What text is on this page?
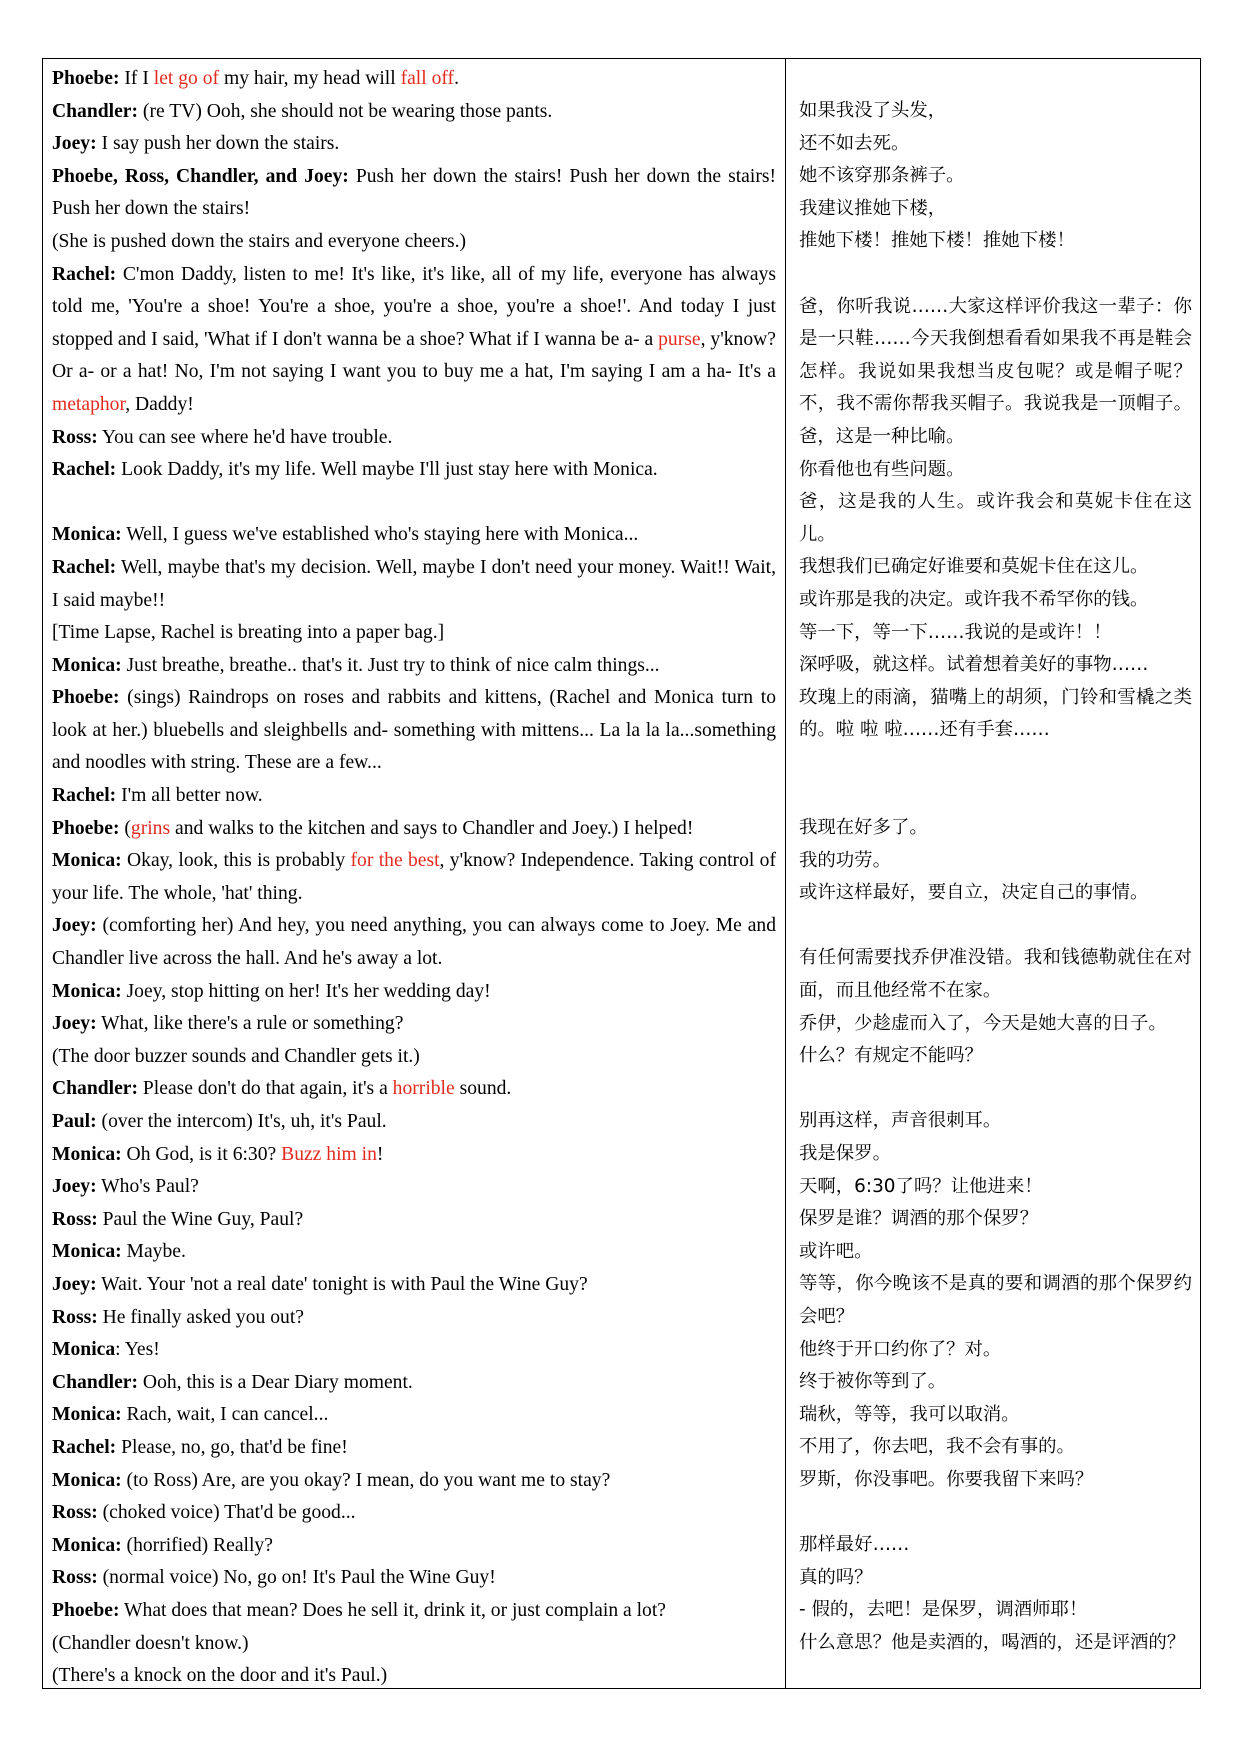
Phoebe: If I let go of my hair, my head will fall off.
Chandler: (re TV) Ooh, she should not be wearing those pants.
Joey: I say push her down the stairs.
Phoebe, Ross, Chandler, and Joey: Push her down the stairs! Push her down the stairs! Push her down the stairs!
(She is pushed down the stairs and everyone cheers.)
Rachel: C'mon Daddy, listen to me! It's like, it's like, all of my life, everyone has always told me, 'You're a shoe! You're a shoe, you're a shoe, you're a shoe!'. And today I just stopped and I said, 'What if I don't wanna be a shoe? What if I wanna be a- a purse, y'know? Or a- or a hat! No, I'm not saying I want you to buy me a hat, I'm saying I am a ha- It's a metaphor, Daddy!
Ross: You can see where he'd have trouble.
Rachel: Look Daddy, it's my life. Well maybe I'll just stay here with Monica.
Monica: Well, I guess we've established who's staying here with Monica...
Rachel: Well, maybe that's my decision. Well, maybe I don't need your money. Wait!! Wait, I said maybe!!
[Time Lapse, Rachel is breating into a paper bag.]
Monica: Just breathe, breathe.. that's it. Just try to think of nice calm things...
Phoebe: (sings) Raindrops on roses and rabbits and kittens, (Rachel and Monica turn to look at her.) bluebells and sleighbells and- something with mittens... La la la la...something and noodles with string. These are a few...
Rachel: I'm all better now.
Phoebe: (grins and walks to the kitchen and says to Chandler and Joey.) I helped!
Monica: Okay, look, this is probably for the best, y'know? Independence. Taking control of your life. The whole, 'hat' thing.
Joey: (comforting her) And hey, you need anything, you can always come to Joey. Me and Chandler live across the hall. And he's away a lot.
Monica: Joey, stop hitting on her! It's her wedding day!
Joey: What, like there's a rule or something?
(The door buzzer sounds and Chandler gets it.)
Chandler: Please don't do that again, it's a horrible sound.
Paul: (over the intercom) It's, uh, it's Paul.
Monica: Oh God, is it 6:30? Buzz him in!
Joey: Who's Paul?
Ross: Paul the Wine Guy, Paul?
Monica: Maybe.
Joey: Wait. Your 'not a real date' tonight is with Paul the Wine Guy?
Ross: He finally asked you out?
Monica: Yes!
Chandler: Ooh, this is a Dear Diary moment.
Monica: Rach, wait, I can cancel...
Rachel: Please, no, go, that'd be fine!
Monica: (to Ross) Are, are you okay? I mean, do you want me to stay?
Ross: (choked voice) That'd be good...
Monica: (horrified) Really?
Ross: (normal voice) No, go on! It's Paul the Wine Guy!
Phoebe: What does that mean? Does he sell it, drink it, or just complain a lot?
(Chandler doesn't know.)
(There's a knock on the door and it's Paul.)
如果我没了头发，
还不如去死。
她不该穿那条裤子。
我建议推她下楼，
推她下楼！推她下楼！推她下楼！
爸，你听我说……大家这样评价我这一辈子：你是一只鞋……今天我倒想看看如果我不再是鞋会怎样。我说如果我想当皮包呢？或是帽子呢？不，我不需你帮我买帽子。我说我是一顶帽子。爸，这是一种比喻。
你看他也有些问题。
爸，这是我的人生。或许我会和莫妮卡住在这儿。
我想我们已确定好谁要和莫妮卡住在这儿。
或许那是我的决定。或许我不希罕你的钱。
等一下，等一下……我说的是或许！！
深呼吸，就这样。试着想着美好的事物……
玫瑰上的雨滴，猫嘴上的胡须，门铃和雪橇之类的。啦 啦 啦……还有手套……
我现在好多了。
我的功劳。
或许这样最好，要自立，决定自己的事情。
有任何需要找乔伊准没错。我和钱德勒就住在对面，而且他经常不在家。
乔伊，少趁虚而入了，今天是她大喜的日子。
什么？有规定不能吗？
别再这样，声音很刺耳。
我是保罗。
天啊，6:30了吗？让他进来！
保罗是谁？调酒的那个保罗？
或许吧。
等等，你今晚该不是真的要和调酒的那个保罗约会吧？
他终于开口约你了？对。
终于被你等到了。
瑞秋，等等，我可以取消。
不用了，你去吧，我不会有事的。
罗斯，你没事吧。你要我留下来吗？
那样最好……
真的吗？
- 假的，去吧！是保罗，调酒师耶！
什么意思？他是卖酒的，喝酒的，还是评酒的？
